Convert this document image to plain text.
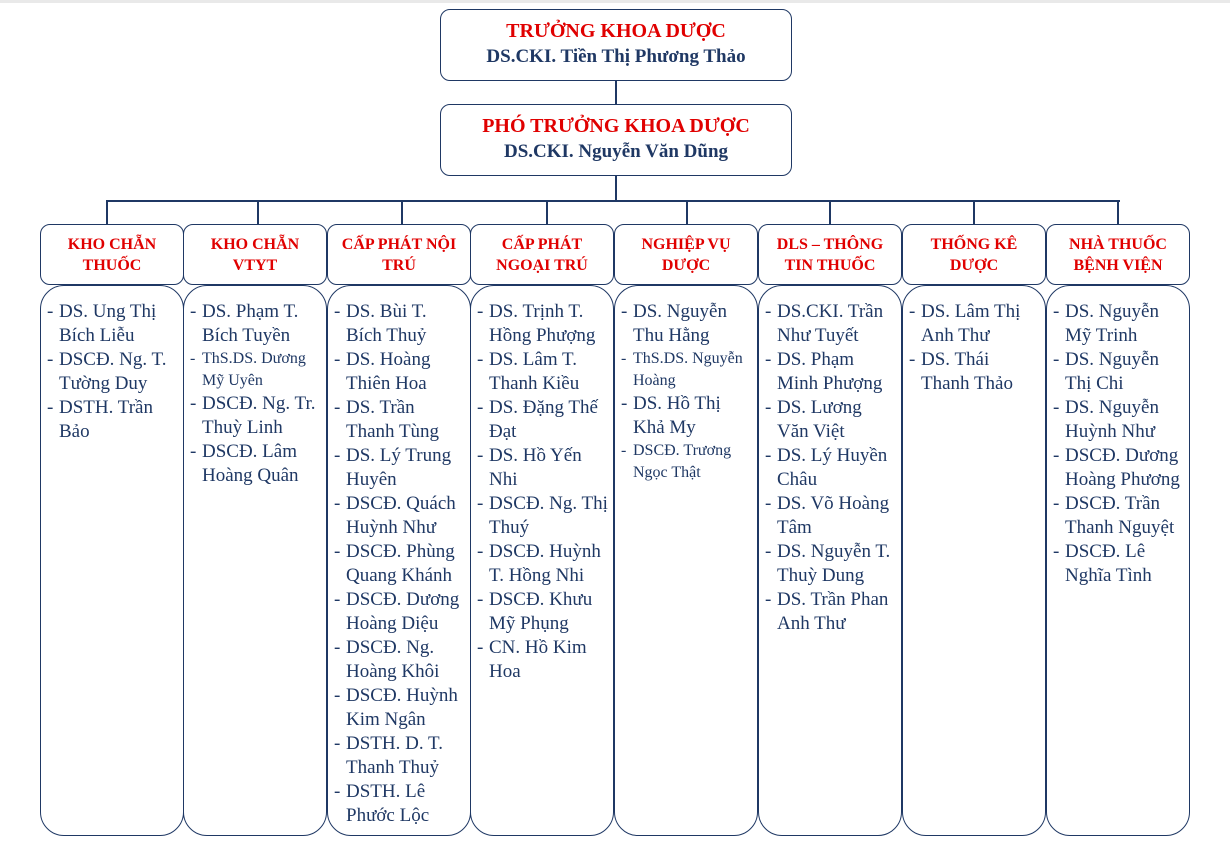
TRƯỞNG KHOA DƯỢC
DS.CKI. Tiền Thị Phương Thảo
PHÓ TRƯỞNG KHOA DƯỢC
DS.CKI. Nguyễn Văn Dũng
KHO CHẴN THUỐC
- DS. Ung Thị Bích Liễu
- DSCĐ. Ng. T. Tường Duy
- DSTH. Trần Bảo
KHO CHẴN VTYT
- DS. Phạm T. Bích Tuyền
- ThS.DS. Dương Mỹ Uyên
- DSCĐ. Ng. Tr. Thuỳ Linh
- DSCĐ. Lâm Hoàng Quân
CẤP PHÁT NỘI TRÚ
- DS. Bùi T. Bích Thuỷ
- DS. Hoàng Thiên Hoa
- DS. Trần Thanh Tùng
- DS. Lý Trung Huyên
- DSCĐ. Quách Huỳnh Như
- DSCĐ. Phùng Quang Khánh
- DSCĐ. Dương Hoàng Diệu
- DSCĐ. Ng. Hoàng Khôi
- DSCĐ. Huỳnh Kim Ngân
- DSTH. D. T. Thanh Thuỷ
- DSTH. Lê Phước Lộc
CẤP PHÁT NGOẠI TRÚ
- DS. Trịnh T. Hồng Phượng
- DS. Lâm T. Thanh Kiều
- DS. Đặng Thế Đạt
- DS. Hồ Yến Nhi
- DSCĐ. Ng. Thị Thuý
- DSCĐ. Huỳnh T. Hồng Nhi
- DSCĐ. Khưu Mỹ Phụng
- CN. Hồ Kim Hoa
NGHIỆP VỤ DƯỢC
- DS. Nguyễn Thu Hằng
- ThS.DS. Nguyễn Hoàng
- DS. Hồ Thị Khả My
- DSCĐ. Trương Ngọc Thật
DLS – THÔNG TIN THUỐC
- DS.CKI. Trần Như Tuyết
- DS. Phạm Minh Phượng
- DS. Lương Văn Việt
- DS. Lý Huyền Châu
- DS. Võ Hoàng Tâm
- DS. Nguyễn T. Thuỳ Dung
- DS. Trần Phan Anh Thư
THỐNG KÊ DƯỢC
- DS. Lâm Thị Anh Thư
- DS. Thái Thanh Thảo
NHÀ THUỐC BỆNH VIỆN
- DS. Nguyễn Mỹ Trinh
- DS. Nguyễn Thị Chi
- DS. Nguyễn Huỳnh Như
- DSCĐ. Dương Hoàng Phương
- DSCĐ. Trần Thanh Nguyệt
- DSCĐ. Lê Nghĩa Tình
